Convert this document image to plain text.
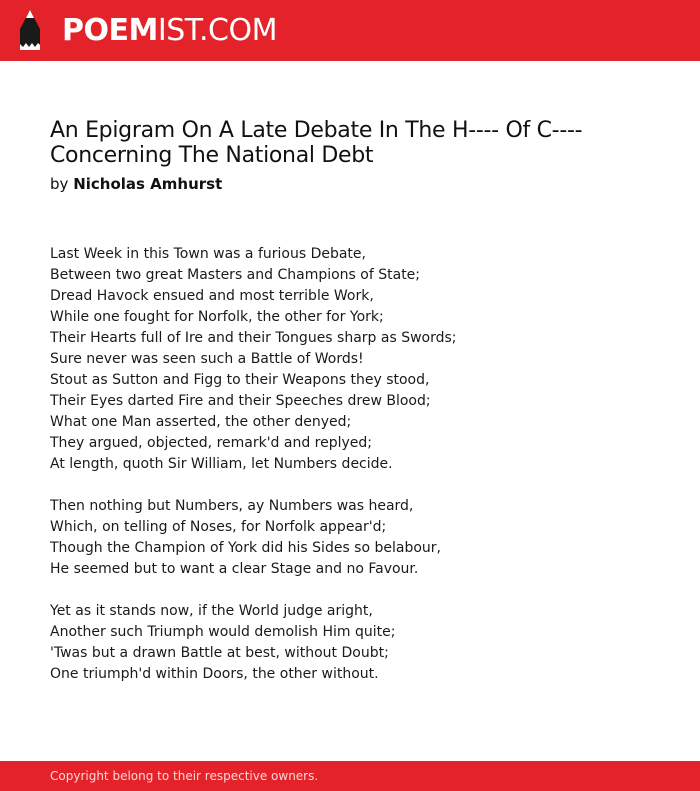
POEMIST.COM
An Epigram On A Late Debate In The H---- Of C----
Concerning The National Debt
by Nicholas Amhurst
Last Week in this Town was a furious Debate,
Between two great Masters and Champions of State;
Dread Havock ensued and most terrible Work,
While one fought for Norfolk, the other for York;
Their Hearts full of Ire and their Tongues sharp as Swords;
Sure never was seen such a Battle of Words!
Stout as Sutton and Figg to their Weapons they stood,
Their Eyes darted Fire and their Speeches drew Blood;
What one Man asserted, the other denyed;
They argued, objected, remark'd and replyed;
At length, quoth Sir William, let Numbers decide.
Then nothing but Numbers, ay Numbers was heard,
Which, on telling of Noses, for Norfolk appear'd;
Though the Champion of York did his Sides so belabour,
He seemed but to want a clear Stage and no Favour.
Yet as it stands now, if the World judge aright,
Another such Triumph would demolish Him quite;
'Twas but a drawn Battle at best, without Doubt;
One triumph'd within Doors, the other without.
Copyright belong to their respective owners.
